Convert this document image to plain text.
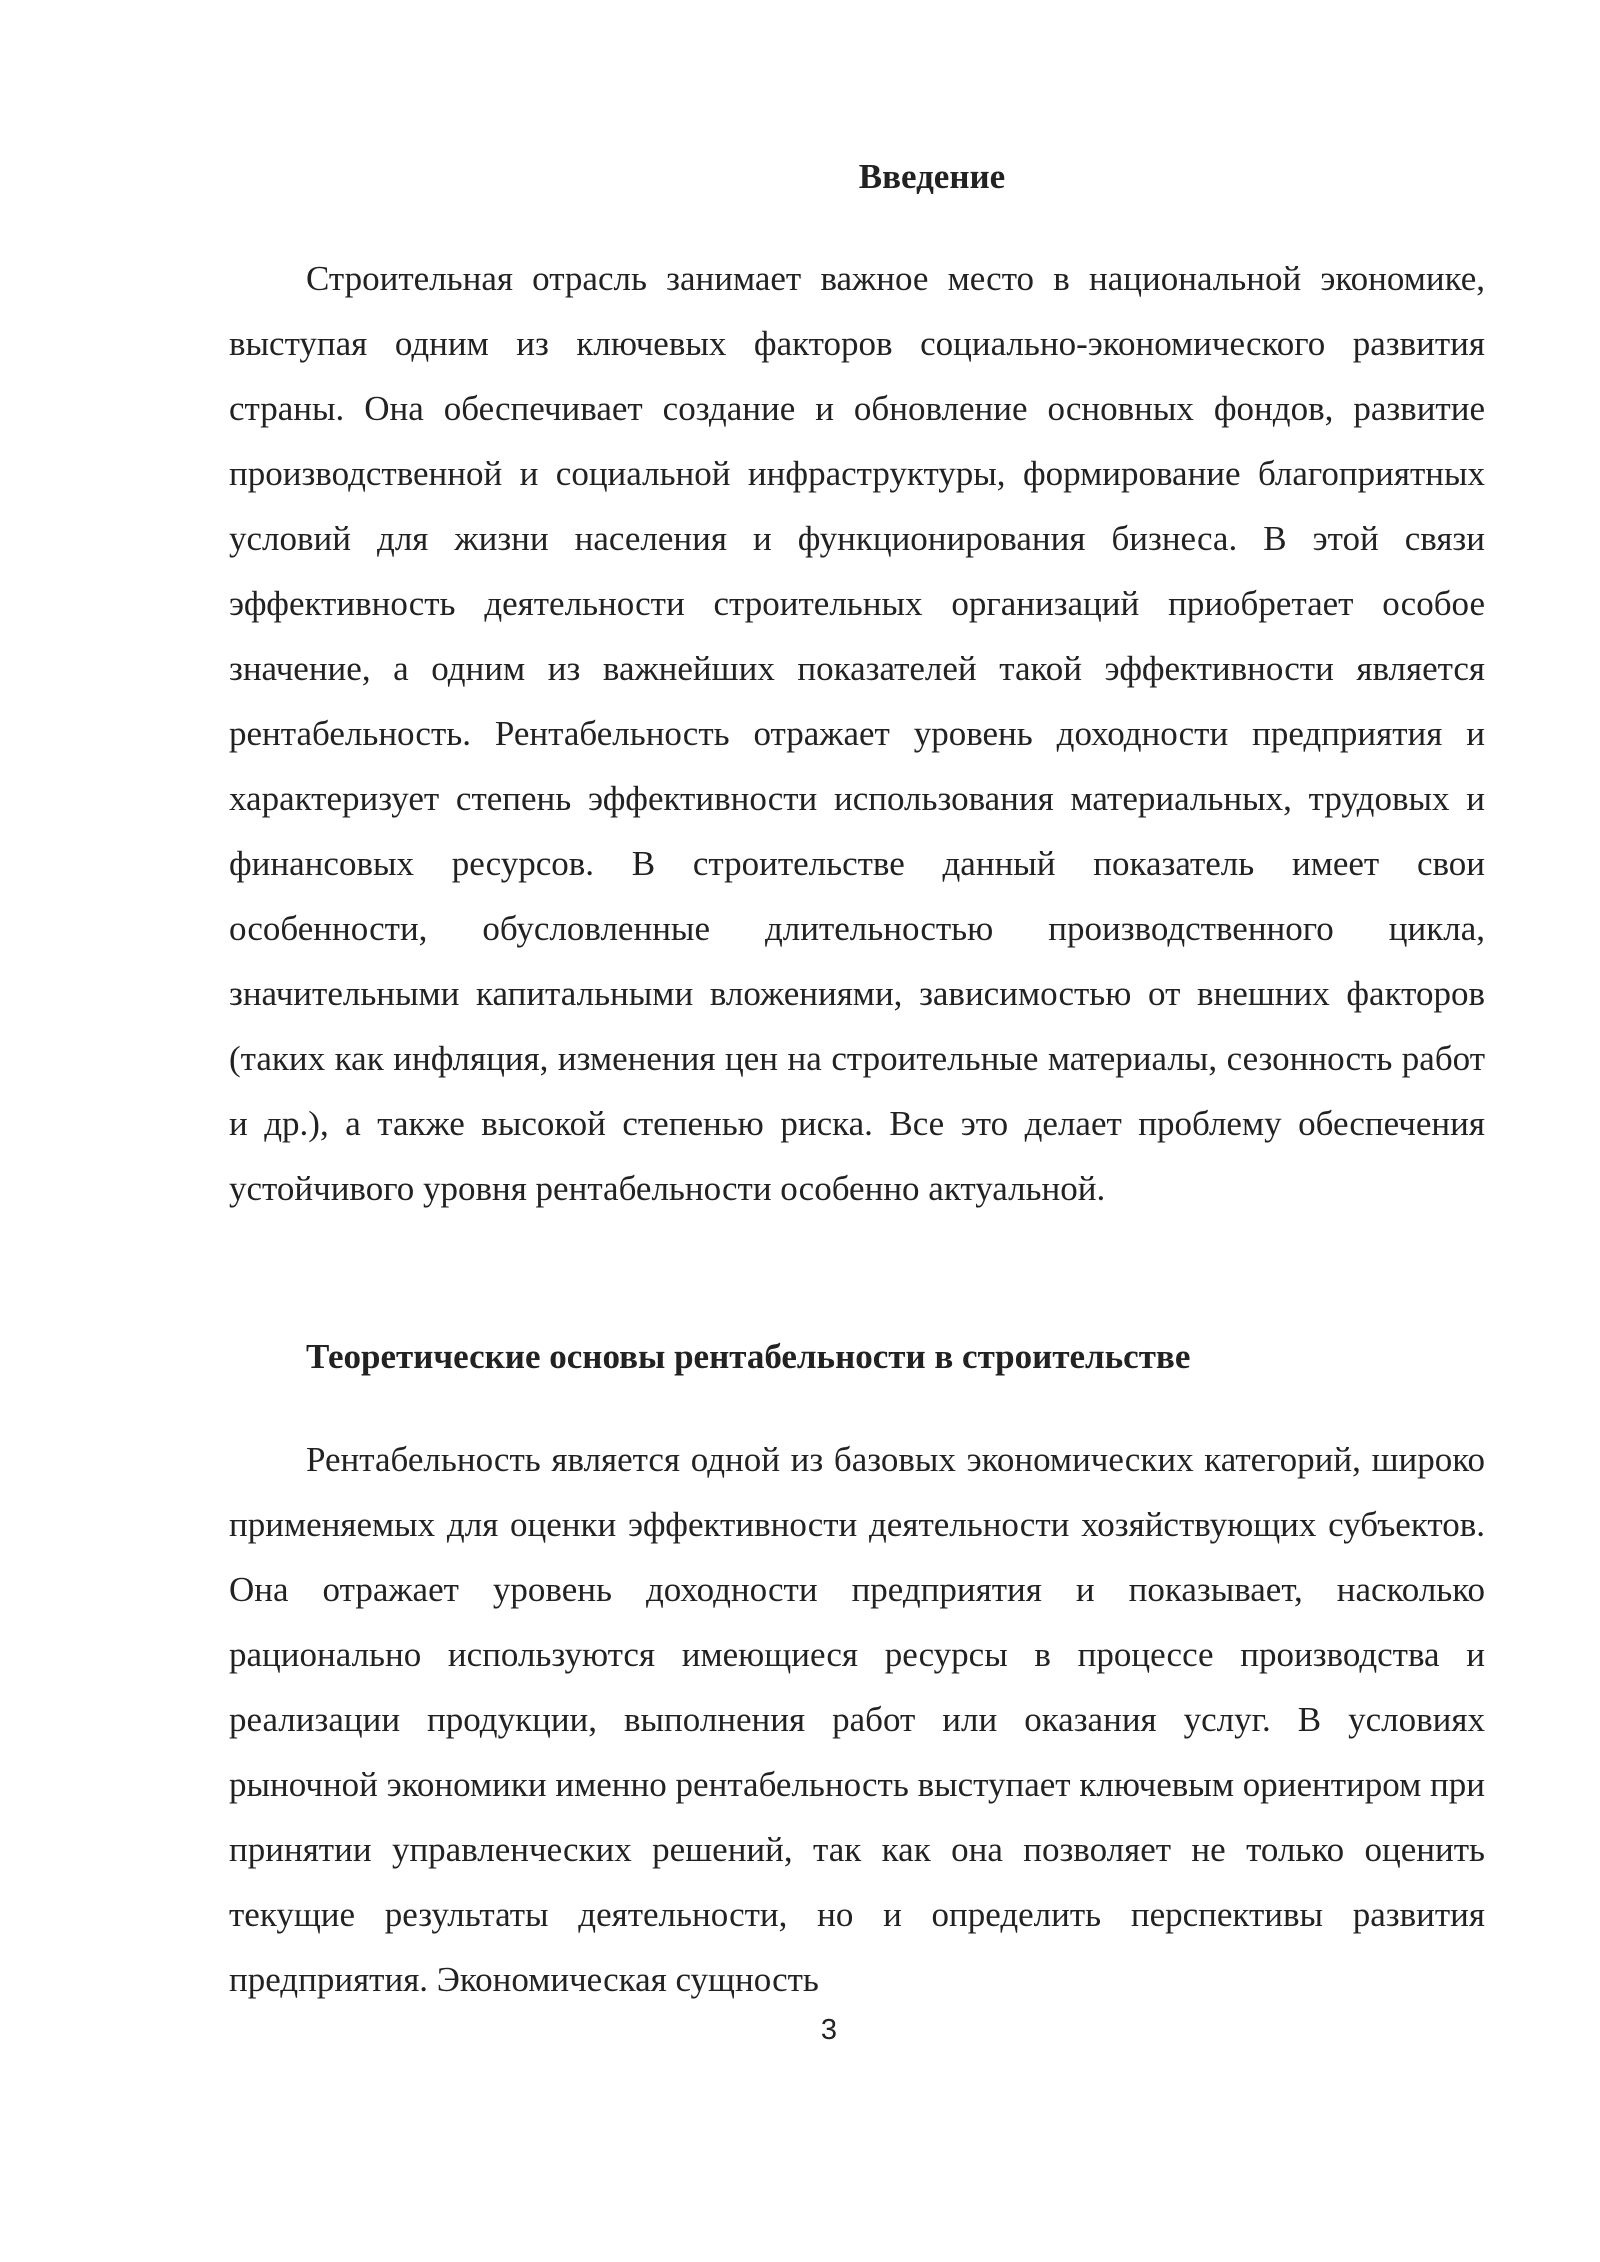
Введение

Строительная отрасль занимает важное место в национальной экономике, выступая одним из ключевых факторов социально-экономического развития страны. Она обеспечивает создание и обновление основных фондов, развитие производственной и социальной инфраструктуры, формирование благоприятных условий для жизни населения и функционирования бизнеса. В этой связи эффективность деятельности строительных организаций приобретает особое значение, а одним из важнейших показателей такой эффективности является рентабельность. Рентабельность отражает уровень доходности предприятия и характеризует степень эффективности использования материальных, трудовых и финансовых ресурсов. В строительстве данный показатель имеет свои особенности, обусловленные длительностью производственного цикла, значительными капитальными вложениями, зависимостью от внешних факторов (таких как инфляция, изменения цен на строительные материалы, сезонность работ и др.), а также высокой степенью риска. Все это делает проблему обеспечения устойчивого уровня рентабельности особенно актуальной.

Теоретические основы рентабельности в строительстве

Рентабельность является одной из базовых экономических категорий, широко применяемых для оценки эффективности деятельности хозяйствующих субъектов. Она отражает уровень доходности предприятия и показывает, насколько рационально используются имеющиеся ресурсы в процессе производства и реализации продукции, выполнения работ или оказания услуг. В условиях рыночной экономики именно рентабельность выступает ключевым ориентиром при принятии управленческих решений, так как она позволяет не только оценить текущие результаты деятельности, но и определить перспективы развития предприятия. Экономическая сущность

3
